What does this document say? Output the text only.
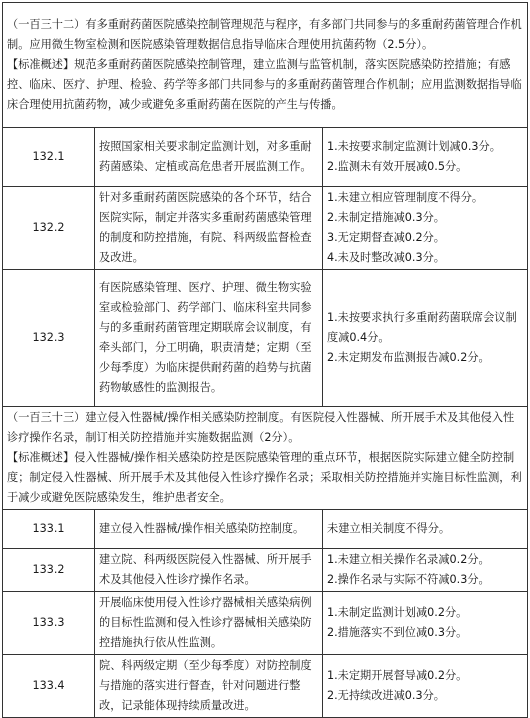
（一百三十二）有多重耐药菌医院感染控制管理规范与程序，有多部门共同参与的多重耐药菌管理合作机制。应用微生物室检测和医院感染管理数据信息指导临床合理使用抗菌药物（2.5分）。
【标准概述】规范多重耐药菌医院感染控制管理，建立监测与监管机制，落实医院感染防控措施；有感控、临床、医疗、护理、检验、药学等多部门共同参与的多重耐药菌管理合作机制；应用监测数据指导临床合理使用抗菌药物，减少或避免多重耐药菌在医院的产生与传播。		

132.1	按照国家相关要求制定监测计划，对多重耐药菌感染、定植或高危患者开展监测工作。	1.未按要求制定监测计划减0.3分。
2.监测未有效开展减0.5分。

132.2	针对多重耐药菌医院感染的各个环节，结合医院实际，制定并落实多重耐药菌感染管理的制度和防控措施，有院、科两级监督检查及改进。	1.未建立相应管理制度不得分。
2.未制定措施减0.3分。
3.无定期督查减0.2分。
4.未及时整改减0.3分。

132.3	有医院感染管理、医疗、护理、微生物实验室或检验部门、药学部门、临床科室共同参与的多重耐药菌管理定期联席会议制度，有牵头部门，分工明确，职责清楚；定期（至少每季度）为临床提供耐药菌的趋势与抗菌药物敏感性的监测报告。	1.未按要求执行多重耐药菌联席会议制度减0.4分。
2.未定期发布监测报告减0.2分。

（一百三十三）建立侵入性器械/操作相关感染防控制度。有医院侵入性器械、所开展手术及其他侵入性诊疗操作名录，制订相关防控措施并实施数据监测（2分）。
【标准概述】侵入性器械/操作相关感染防控是医院感染管理的重点环节，根据医院实际建立健全防控制度；制定侵入性器械、所开展手术及其他侵入性诊疗操作名录；采取相关防控措施并实施目标性监测，利于减少或避免医院感染发生，维护患者安全。		

133.1	建立侵入性器械/操作相关感染防控制度。	未建立相关制度不得分。

133.2	建立院、科两级医院侵入性器械、所开展手术及其他侵入性诊疗操作名录。	1.未建立相关操作名录减0.2分。
2.操作名录与实际不符减0.3分。

133.3	开展临床使用侵入性诊疗器械相关感染病例的目标性监测和侵入性诊疗器械相关感染防控措施执行依从性监测。	1.未制定监测计划减0.2分。
2.措施落实不到位减0.3分。

133.4	院、科两级定期（至少每季度）对防控制度与措施的落实进行督查，针对问题进行整改，记录能体现持续质量改进。	1.未定期开展督导减0.2分。
2.无持续改进减0.3分。
